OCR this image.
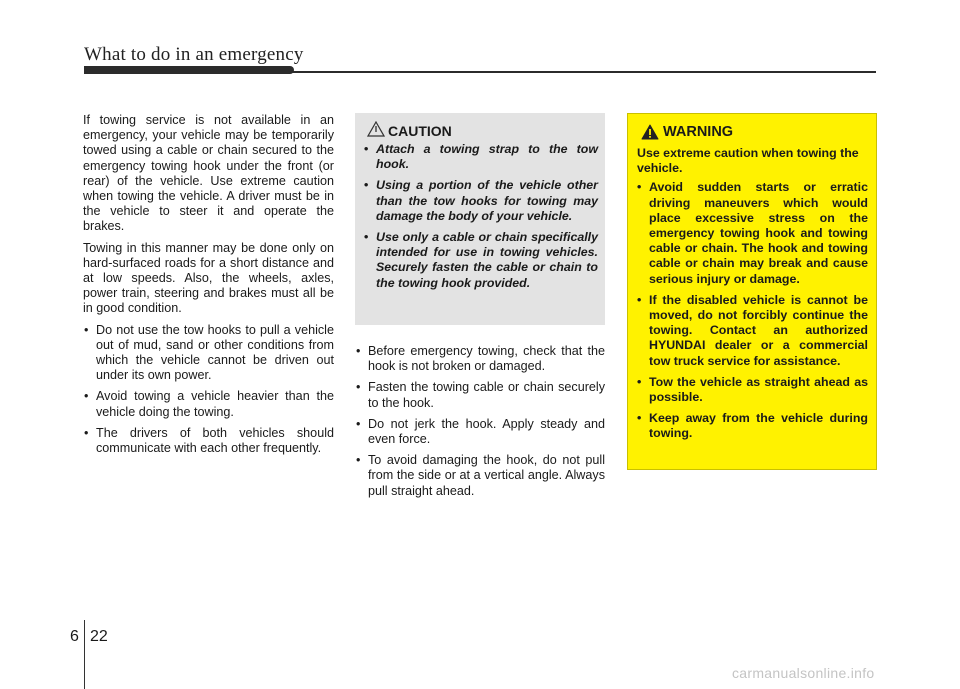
What to do in an emergency

If towing service is not available in an emergency, your vehicle may be temporarily towed using a cable or chain secured to the emergency towing hook under the front (or rear) of the vehicle. Use extreme caution when towing the vehicle. A driver must be in the vehicle to steer it and operate the brakes.

Towing in this manner may be done only on hard-surfaced roads for a short distance and at low speeds. Also, the wheels, axles, power train, steering and brakes must all be in good condition.

• Do not use the tow hooks to pull a vehicle out of mud, sand or other conditions from which the vehicle cannot be driven out under its own power.
• Avoid towing a vehicle heavier than the vehicle doing the towing.
• The drivers of both vehicles should communicate with each other frequently.
CAUTION
• Attach a towing strap to the tow hook.
• Using a portion of the vehicle other than the tow hooks for towing may damage the body of your vehicle.
• Use only a cable or chain specifically intended for use in towing vehicles. Securely fasten the cable or chain to the towing hook provided.
• Before emergency towing, check that the hook is not broken or damaged.
• Fasten the towing cable or chain securely to the hook.
• Do not jerk the hook. Apply steady and even force.
• To avoid damaging the hook, do not pull from the side or at a vertical angle. Always pull straight ahead.
WARNING

Use extreme caution when towing the vehicle.

• Avoid sudden starts or erratic driving maneuvers which would place excessive stress on the emergency towing hook and towing cable or chain. The hook and towing cable or chain may break and cause serious injury or damage.
• If the disabled vehicle is cannot be moved, do not forcibly continue the towing. Contact an authorized HYUNDAI dealer or a commercial tow truck service for assistance.
• Tow the vehicle as straight ahead as possible.
• Keep away from the vehicle during towing.
6 22
carmanualsonline.info
